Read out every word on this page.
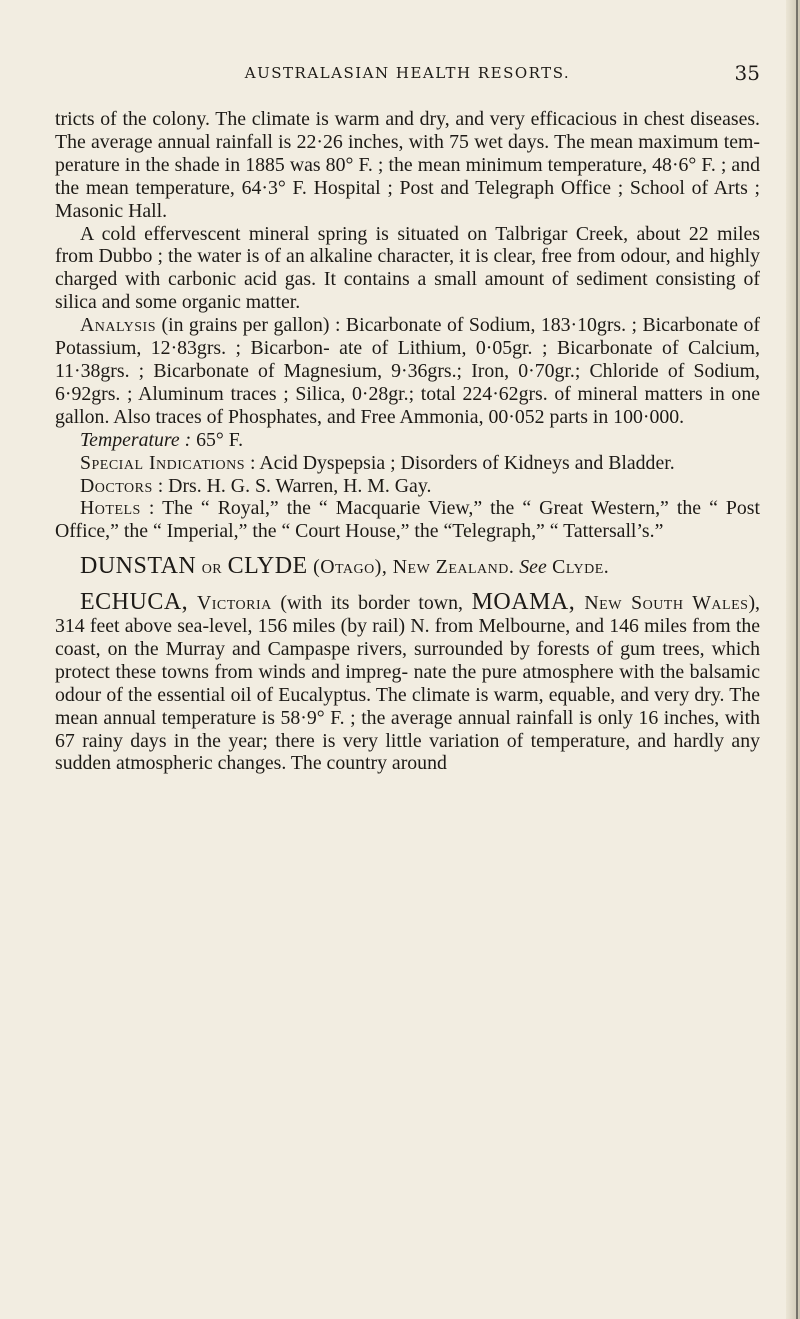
AUSTRALASIAN HEALTH RESORTS.	35

tricts of the colony. The climate is warm and dry, and very efficacious in chest diseases. The average annual rainfall is 22·26 inches, with 75 wet days. The mean maximum tem- perature in the shade in 1885 was 80° F. ; the mean minimum temperature, 48·6° F. ; and the mean temperature, 64·3° F. Hospital ; Post and Telegraph Office ; School of Arts ; Masonic Hall.

A cold effervescent mineral spring is situated on Talbrigar Creek, about 22 miles from Dubbo ; the water is of an alkaline character, it is clear, free from odour, and highly charged with carbonic acid gas. It contains a small amount of sediment consisting of silica and some organic matter.

Analysis (in grains per gallon) : Bicarbonate of Sodium, 183·10grs. ; Bicarbonate of Potassium, 12·83grs. ; Bicarbon- ate of Lithium, 0·05gr. ; Bicarbonate of Calcium, 11·38grs. ; Bicarbonate of Magnesium, 9·36grs.; Iron, 0·70gr.; Chloride of Sodium, 6·92grs. ; Aluminum traces ; Silica, 0·28gr.; total 224·62grs. of mineral matters in one gallon. Also traces of Phosphates, and Free Ammonia, 00·052 parts in 100·000.

Temperature : 65° F.

Special Indications : Acid Dyspepsia ; Disorders of Kidneys and Bladder.

Doctors : Drs. H. G. S. Warren, H. M. Gay.

Hotels : The “ Royal,” the “ Macquarie View,” the “ Great Western,” the “ Post Office,” the “ Imperial,” the “ Court House,” the “Telegraph,” “ Tattersall’s.”

DUNSTAN or CLYDE (Otago), New Zealand. See Clyde.

ECHUCA, Victoria (with its border town, MOAMA, New South Wales), 314 feet above sea-level, 156 miles (by rail) N. from Melbourne, and 146 miles from the coast, on the Murray and Campaspe rivers, surrounded by forests of gum trees, which protect these towns from winds and impreg- nate the pure atmosphere with the balsamic odour of the essential oil of Eucalyptus. The climate is warm, equable, and very dry. The mean annual temperature is 58·9° F. ; the average annual rainfall is only 16 inches, with 67 rainy days in the year; there is very little variation of temperature, and hardly any sudden atmospheric changes. The country around
